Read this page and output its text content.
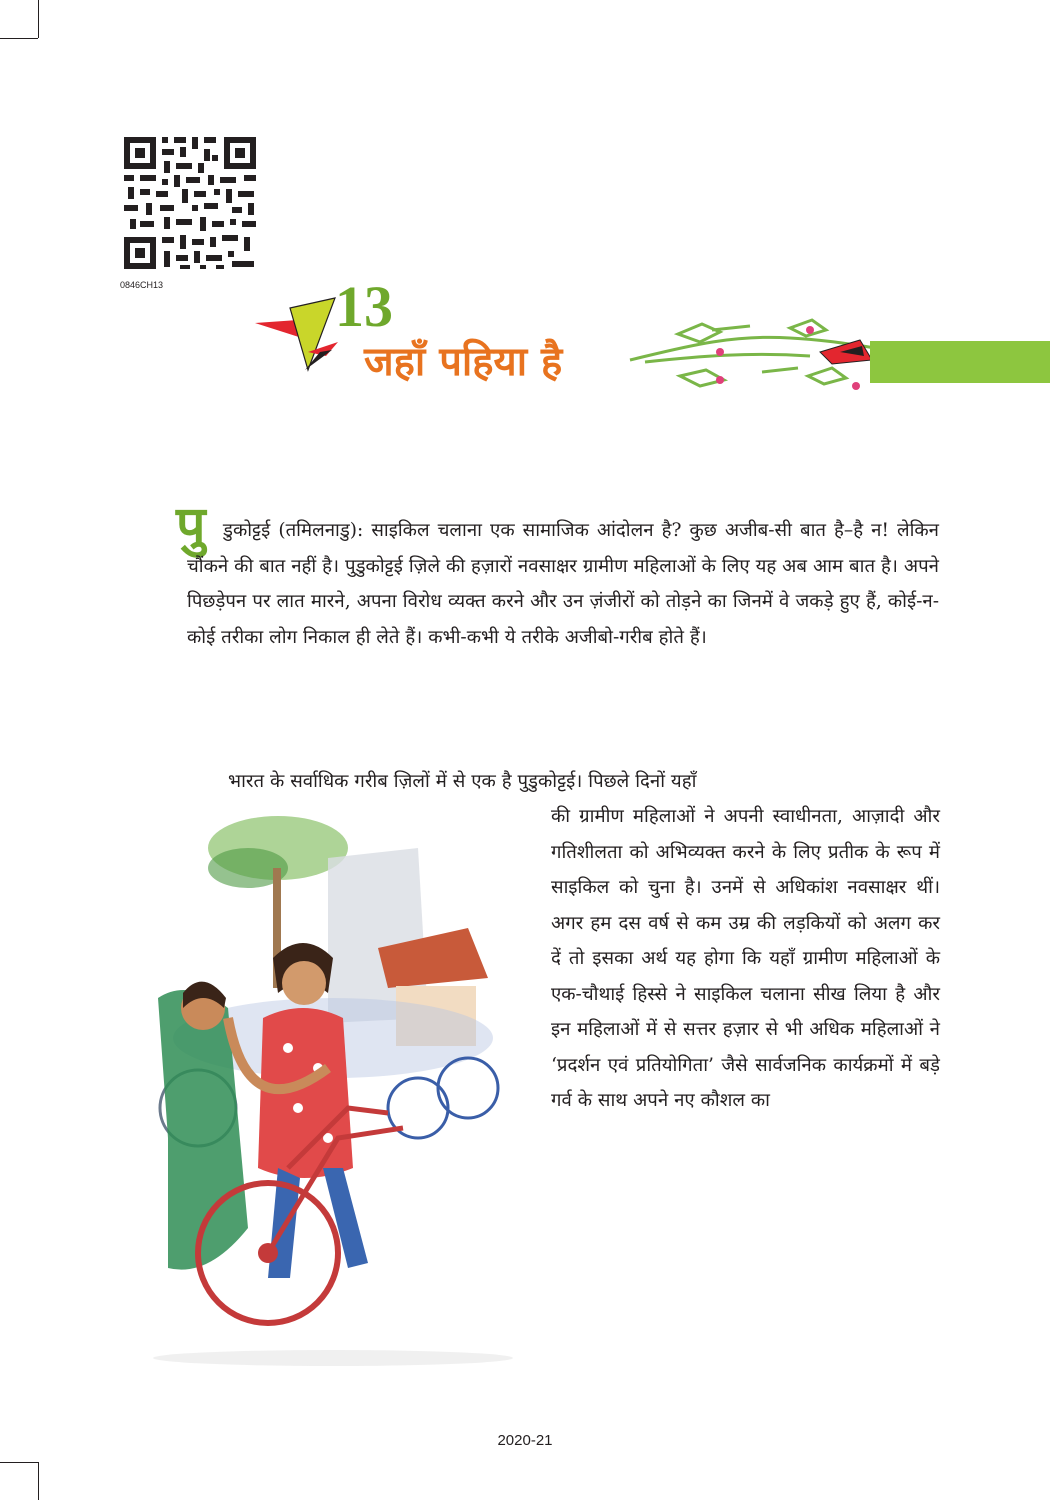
0846CH13	13
जहाँ पहिया है
पु डुकोट्टई (तमिलनाडु): साइकिल चलाना एक सामाजिक आंदोलन है? कुछ अजीब-सी बात है–है न! लेकिन चौंकने की बात नहीं है। पुडुकोट्टई ज़िले की हज़ारों नवसाक्षर ग्रामीण महिलाओं के लिए यह अब आम बात है। अपने पिछड़ेपन पर लात मारने, अपना विरोध व्यक्त करने और उन ज़ंजीरों को तोड़ने का जिनमें वे जकड़े हुए हैं, कोई-न-कोई तरीका लोग निकाल ही लेते हैं। कभी-कभी ये तरीके अजीबो-गरीब होते हैं।

भारत के सर्वाधिक गरीब ज़िलों में से एक है पुडुकोट्टई। पिछले दिनों यहाँ

की ग्रामीण महिलाओं ने अपनी स्वाधीनता, आज़ादी और गतिशीलता को अभिव्यक्त करने के लिए प्रतीक के रूप में साइकिल को चुना है। उनमें से अधिकांश नवसाक्षर थीं। अगर हम दस वर्ष से कम उम्र की लड़कियों को अलग कर दें तो इसका अर्थ यह होगा कि यहाँ ग्रामीण महिलाओं के एक-चौथाई हिस्से ने साइकिल चलाना सीख लिया है और इन महिलाओं में से सत्तर हज़ार से भी अधिक महिलाओं ने ‘प्रदर्शन एवं प्रतियोगिता’ जैसे सार्वजनिक कार्यक्रमों में बड़े गर्व के साथ अपने नए कौशल का

2020-21
